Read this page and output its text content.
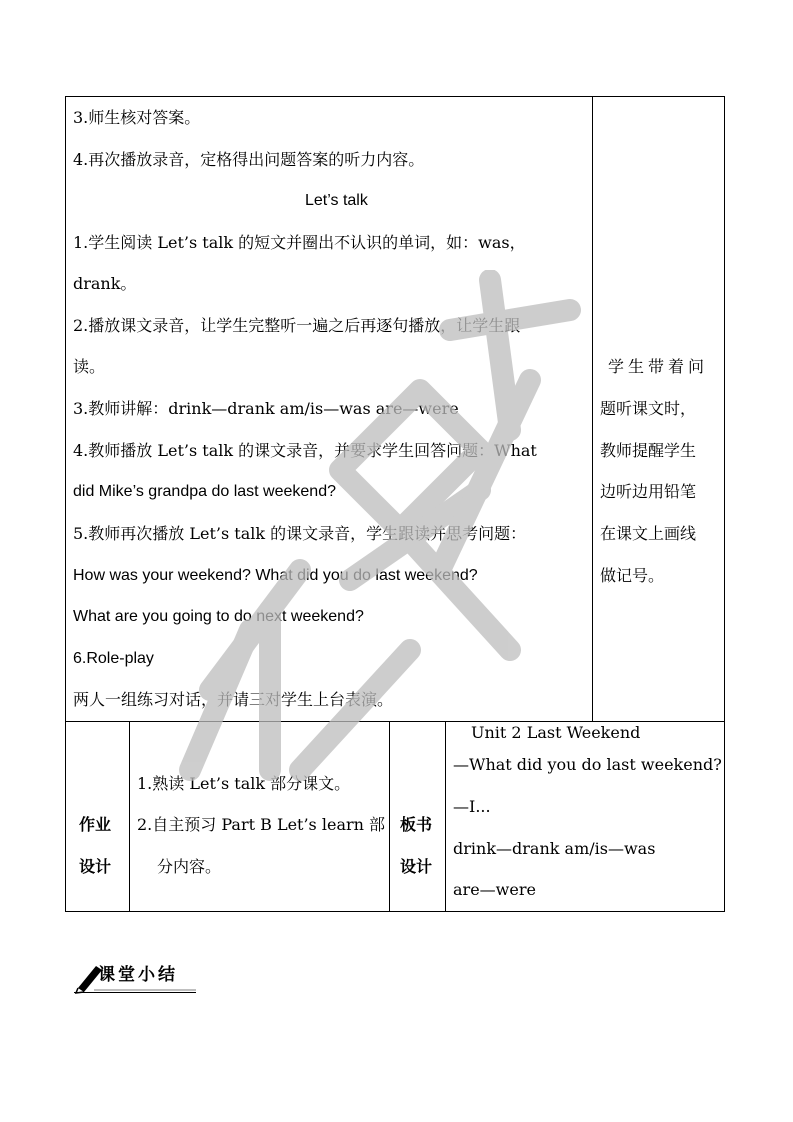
3.师生核对答案。
4.再次播放录音，定格得出问题答案的听力内容。
Let’s talk
1.学生阅读 Let’s talk 的短文并圈出不认识的单词，如：was，
drank。
2.播放课文录音，让学生完整听一遍之后再逐句播放，让学生跟
读。
3.教师讲解：drink—drank am/is—was are—were
4.教师播放 Let’s talk 的课文录音，并要求学生回答问题：What
did Mike’s grandpa do last weekend?
5.教师再次播放 Let’s talk 的课文录音，学生跟读并思考问题：
How was your weekend? What did you do last weekend?
What are you going to do next weekend?
6.Role-play
两人一组练习对话，并请三对学生上台表演。
学生带着问
题听课文时，
教师提醒学生
边听边用铅笔
在课文上画线
做记号。
作业
设计
1.熟读 Let’s talk 部分课文。
2.自主预习 Part B Let’s learn 部
分内容。
板书
设计
Unit 2 Last Weekend
—What did you do last weekend?
—I...
drink—drank am/is—was
are—were
课堂小结
